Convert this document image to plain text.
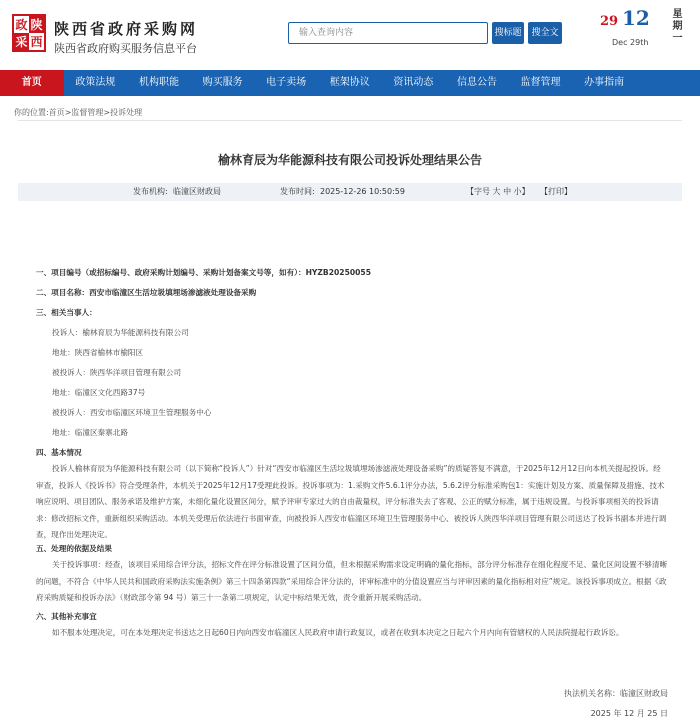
政 陕
采 西
陕西省政府采购网
陕西省政府购买服务信息平台
输入查询内容	搜标题	搜全文
29 12 星期一
Dec 29th
首页	政策法规	机构职能	购买服务	电子卖场	框架协议	资讯动态	信息公告	监督管理	办事指南
你的位置:首页>监督管理>投诉处理
榆林育辰为华能源科技有限公司投诉处理结果公告
发布机构: 临潼区财政局	发布时间: 2025-12-26 10:50:59	【字号 大 中 小】 【打印】
一、项目编号（或招标编号、政府采购计划编号、采购计划备案文号等，如有）：HYZB20250055
二、项目名称：西安市临潼区生活垃圾填埋场渗滤液处理设备采购
三、相关当事人：
投诉人：榆林育辰为华能源科技有限公司
地址：陕西省榆林市榆阳区
被投诉人：陕西华洋项目管理有限公司
地址：临潼区文化西路37号
被投诉人：西安市临潼区环境卫生管理服务中心
地址：临潼区秦寨北路
四、基本情况
投诉人榆林育辰为华能源科技有限公司（以下简称“投诉人”）针对“西安市临潼区生活垃圾填埋场渗滤液处理设备采购”的质疑答复不满意，于2025年12月12日向本机关提起投诉。经审查，投诉人《投诉书》符合受理条件，本机关于2025年12月17受理此投诉。投诉事项为：1.采购文件5.6.1评分办法，5.6.2评分标准采购包1：实施计划及方案、质量保障及措施、技术响应说明、项目团队、服务承诺及维护方案，未细化量化设置区间分，赋予评审专家过大的自由裁量权，评分标准失去了客观、公正的赋分标准，属于违规设置。与投诉事项相关的投诉请求：修改招标文件，重新组织采购活动。本机关受理后依法进行书面审查，向被投诉人西安市临潼区环境卫生管理服务中心、被投诉人陕西华洋项目管理有限公司送达了投诉书副本并进行调查，现作出处理决定。
五、处理的依据及结果
关于投诉事项：经查，该项目采用综合评分法，招标文件在评分标准设置了区间分值，但未根据采购需求设定明确的量化指标，部分评分标准存在细化程度不足、量化区间设置不够清晰的问题，不符合《中华人民共和国政府采购法实施条例》第三十四条第四款“采用综合评分法的，评审标准中的分值设置应当与评审因素的量化指标相对应”规定。该投诉事项成立。根据《政府采购质疑和投诉办法》（财政部令第 94 号）第三十一条第二项规定，认定中标结果无效，责令重新开展采购活动。
六、其他补充事宜
如不服本处理决定，可在本处理决定书送达之日起60日内向西安市临潼区人民政府申请行政复议，或者在收到本决定之日起六个月内向有管辖权的人民法院提起行政诉讼。
执法机关名称：临潼区财政局
2025 年 12 月 25 日
